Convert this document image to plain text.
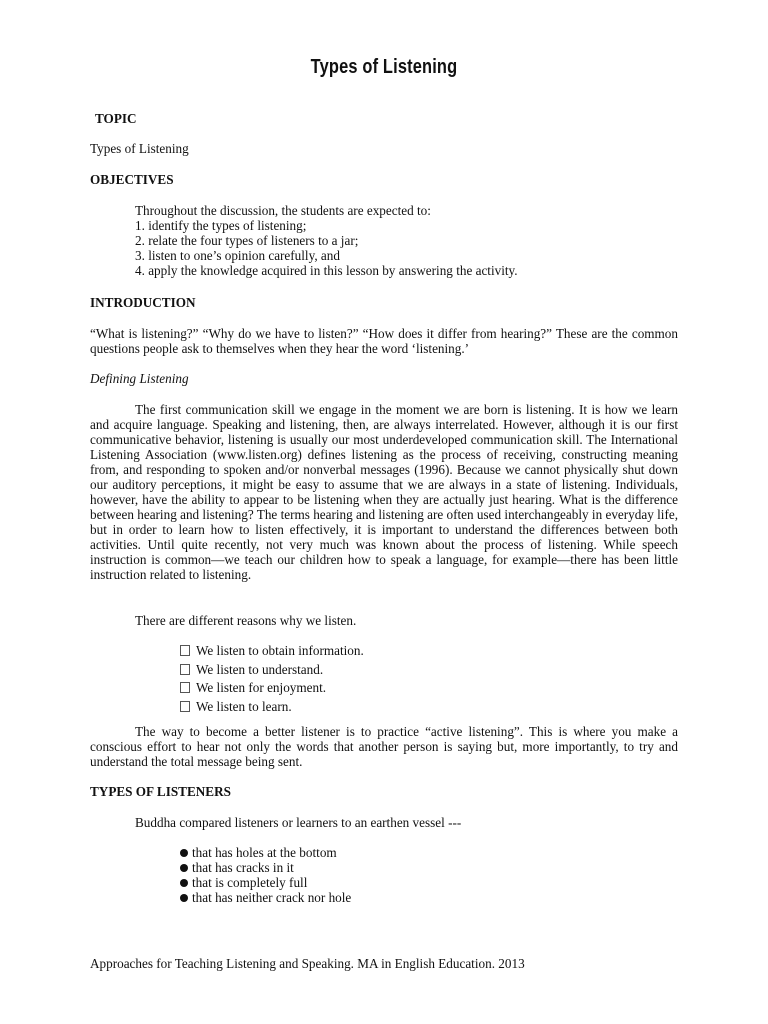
Types of Listening
TOPIC
Types of Listening
OBJECTIVES
Throughout the discussion, the students are expected to:
1. identify the types of listening;
2. relate the four types of listeners to a jar;
3. listen to one’s opinion carefully, and
4. apply the knowledge acquired in this lesson by answering the activity.
INTRODUCTION
“What is listening?” “Why do we have to listen?” “How does it differ from hearing?” These are the common questions people ask to themselves when they hear the word ‘listening.’
Defining Listening
The first communication skill we engage in the moment we are born is listening. It is how we learn and acquire language. Speaking and listening, then, are always interrelated. However, although it is our first communicative behavior, listening is usually our most underdeveloped communication skill. The International Listening Association (www.listen.org) defines listening as the process of receiving, constructing meaning from, and responding to spoken and/or nonverbal messages (1996). Because we cannot physically shut down our auditory perceptions, it might be easy to assume that we are always in a state of listening. Individuals, however, have the ability to appear to be listening when they are actually just hearing. What is the difference between hearing and listening? The terms hearing and listening are often used interchangeably in everyday life, but in order to learn how to listen effectively, it is important to understand the differences between both activities. Until quite recently, not very much was known about the process of listening. While speech instruction is common—we teach our children how to speak a language, for example—there has been little instruction related to listening.
There are different reasons why we listen.
We listen to obtain information.
We listen to understand.
We listen for enjoyment.
We listen to learn.
The way to become a better listener is to practice “active listening”. This is where you make a conscious effort to hear not only the words that another person is saying but, more importantly, to try and understand the total message being sent.
TYPES OF LISTENERS
Buddha compared listeners or learners to an earthen vessel ---
that has holes at the bottom
that has cracks in it
that is completely full
that has neither crack nor hole
Approaches for Teaching Listening and Speaking. MA in English Education. 2013
